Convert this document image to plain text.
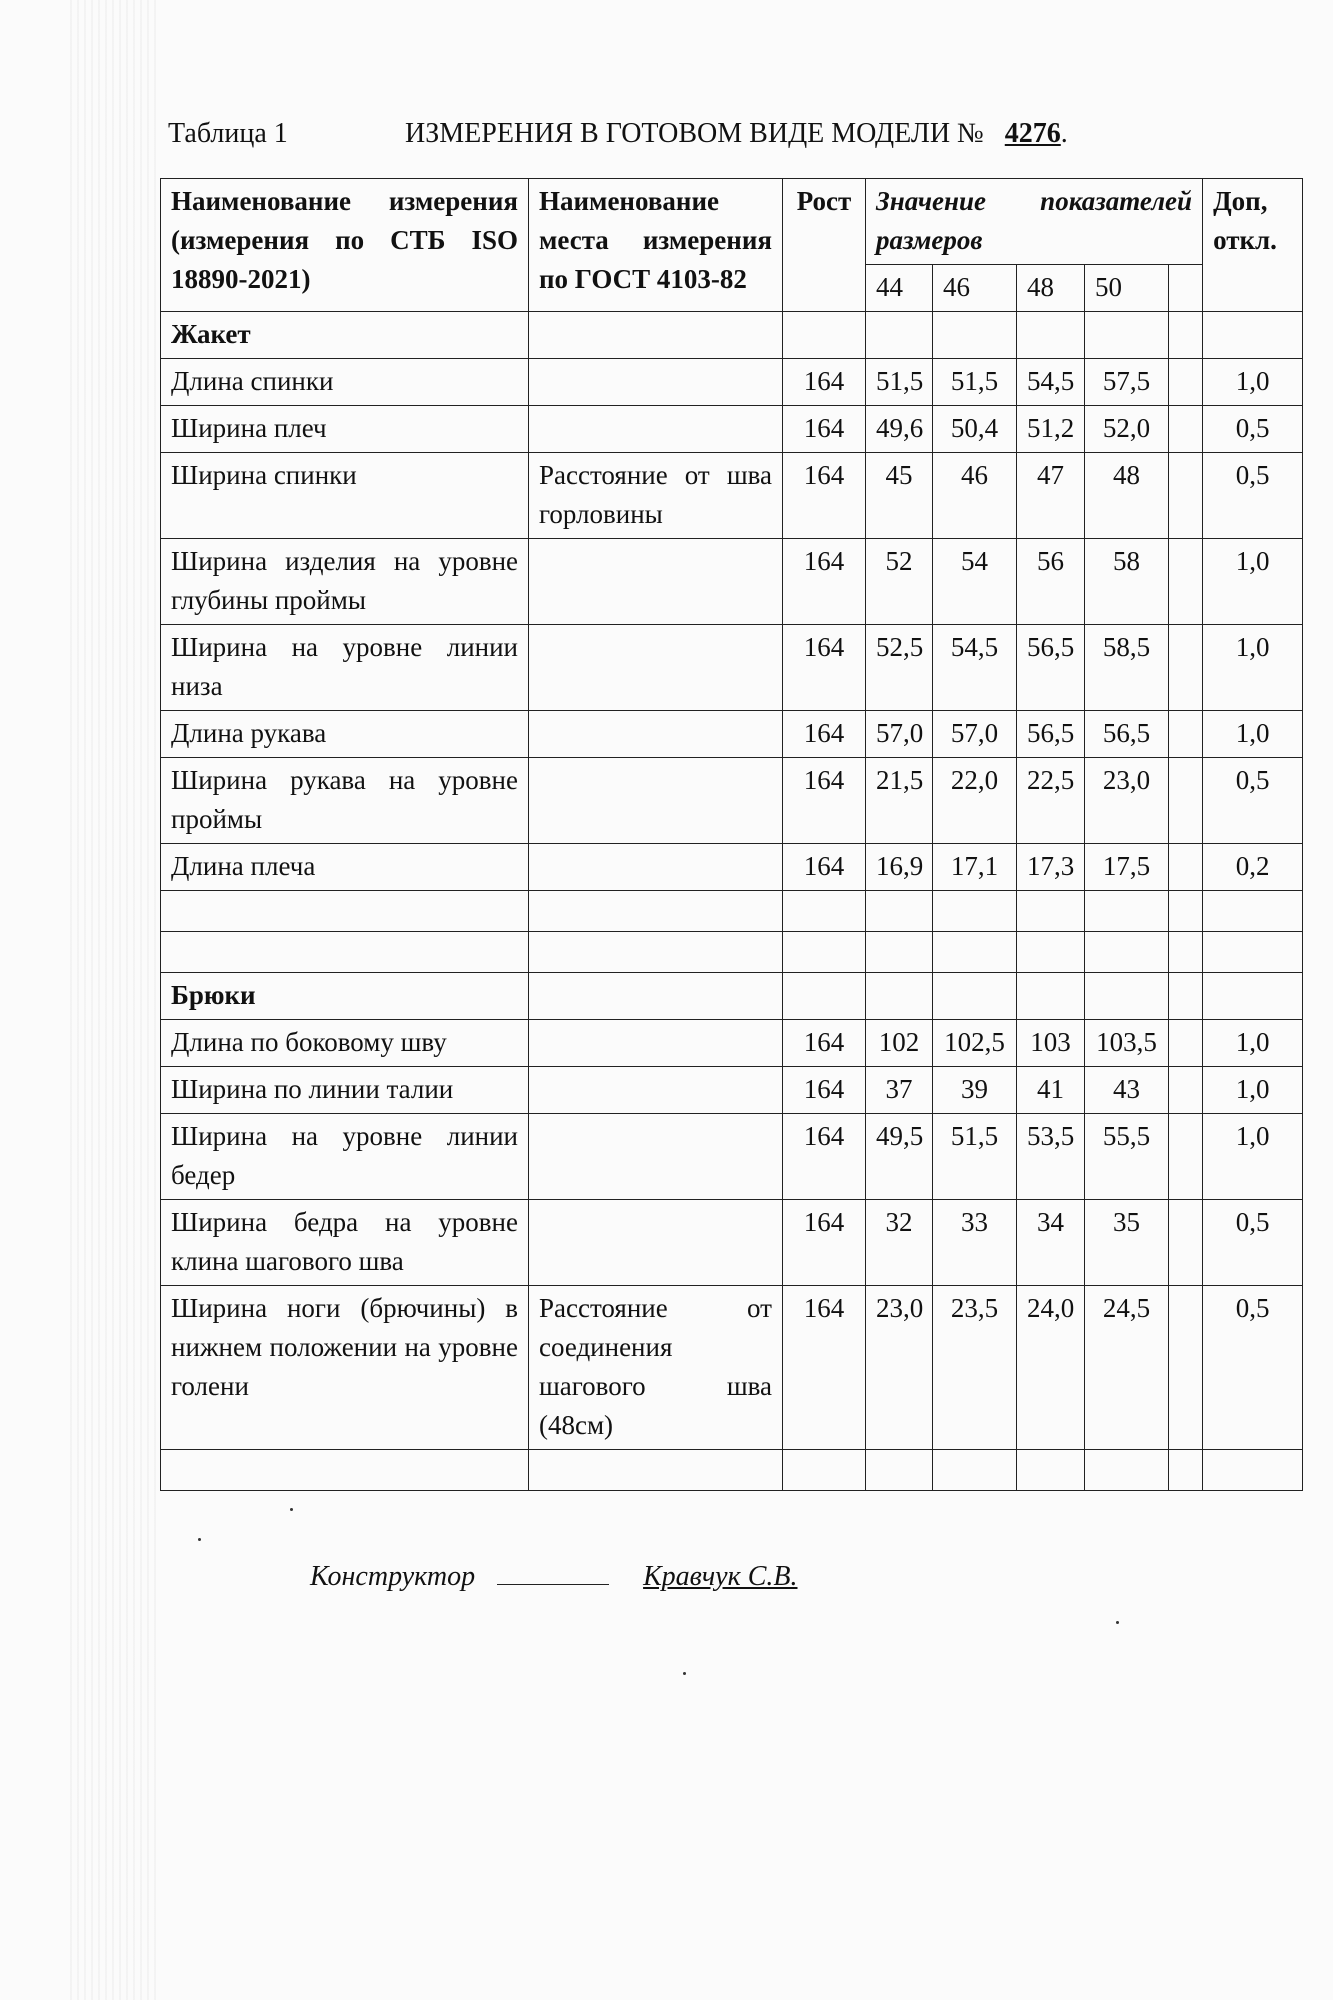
Таблица 1	ИЗМЕРЕНИЯ В ГОТОВОМ ВИДЕ МОДЕЛИ № 4276.
Наименование измерения (измерения по СТБ ISO 18890-2021)	Наименование места измерения по ГОСТ 4103-82	Рост	Значение показателей размеров					Доп, откл.
			44	46	48	50		
Жакет								
Длина спинки		164	51,5	51,5	54,5	57,5		1,0
Ширина плеч		164	49,6	50,4	51,2	52,0		0,5
Ширина спинки	Расстояние от шва горловины	164	45	46	47	48		0,5
Ширина изделия на уровне глубины проймы		164	52	54	56	58		1,0
Ширина на уровне линии низа		164	52,5	54,5	56,5	58,5		1,0
Длина рукава		164	57,0	57,0	56,5	56,5		1,0
Ширина рукава на уровне проймы		164	21,5	22,0	22,5	23,0		0,5
Длина плеча		164	16,9	17,1	17,3	17,5		0,2

Брюки								
Длина по боковому шву		164	102	102,5	103	103,5		1,0
Ширина по линии талии		164	37	39	41	43		1,0
Ширина на уровне линии бедер		164	49,5	51,5	53,5	55,5		1,0
Ширина бедра на уровне клина шагового шва		164	32	33	34	35		0,5
Ширина ноги (брючины) в нижнем положении на уровне голени	Расстояние от соединения шагового шва (48см)	164	23,0	23,5	24,0	24,5		0,5

Конструктор	Кравчук С.В.
